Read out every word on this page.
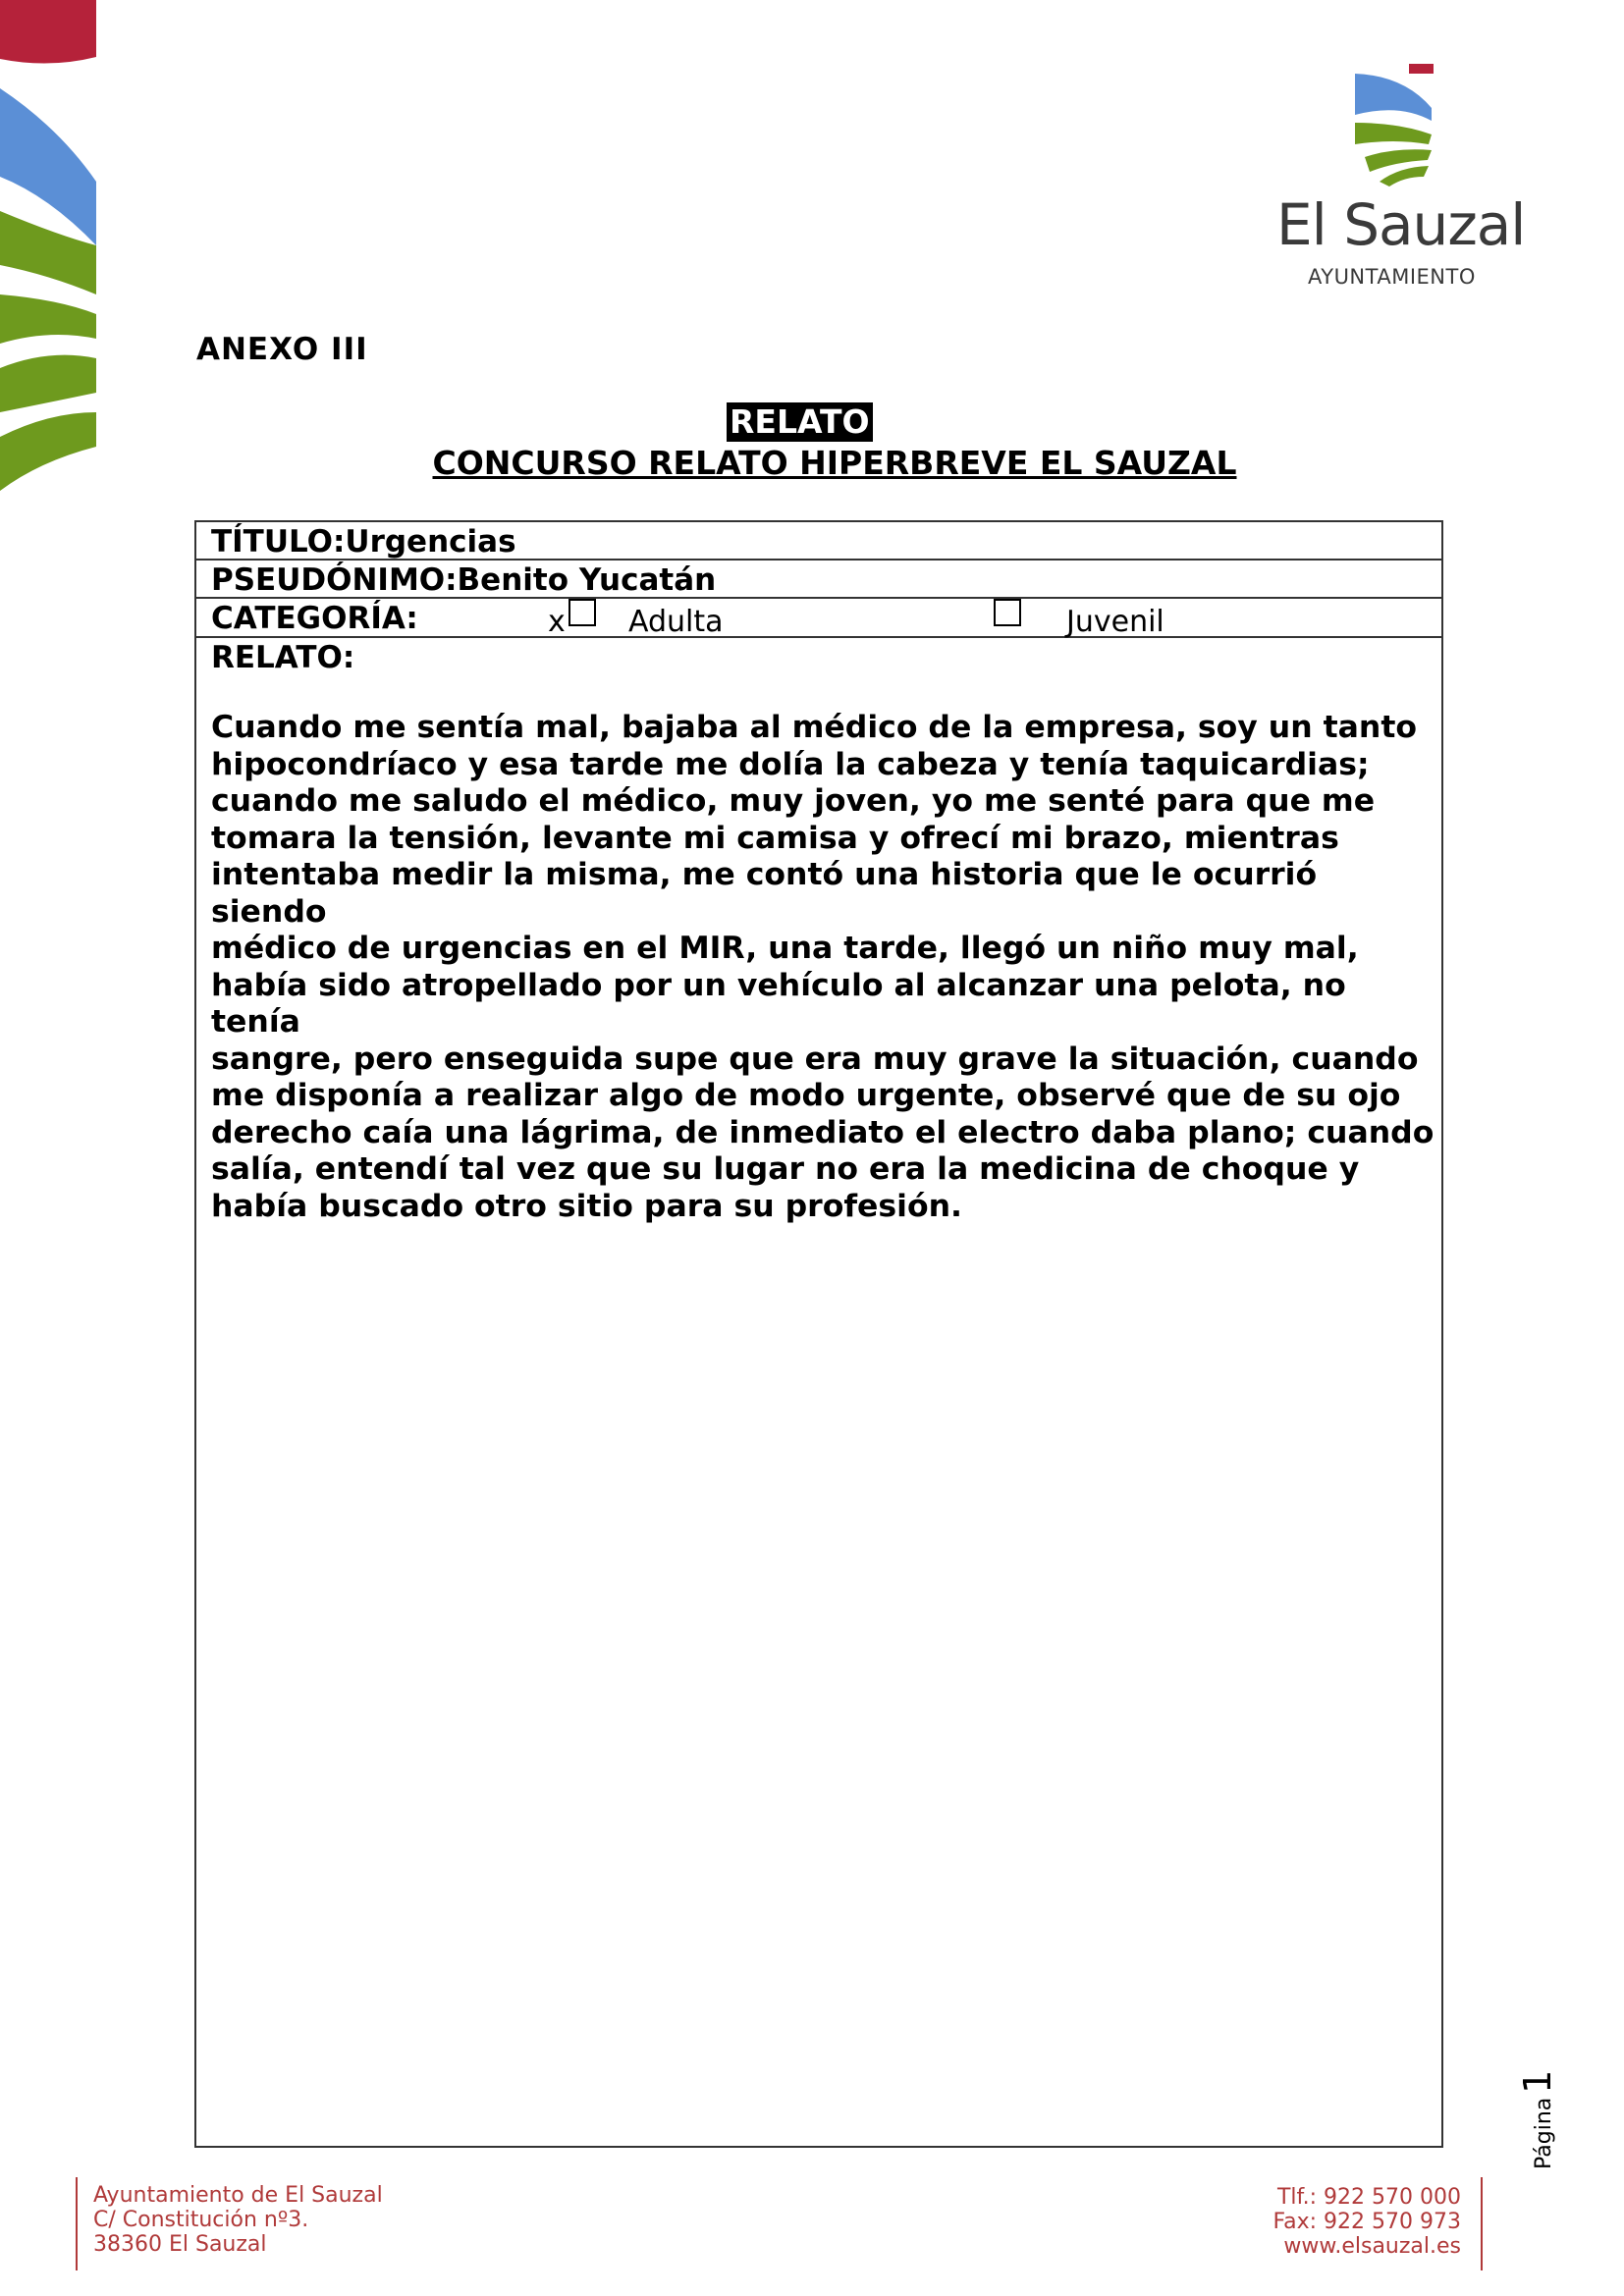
El Sauzal
AYUNTAMIENTO
ANEXO III
RELATO
CONCURSO RELATO HIPERBREVE EL SAUZAL
TÍTULO:Urgencias
PSEUDÓNIMO:Benito Yucatán
CATEGORÍA:	x Adulta	Juvenil
RELATO:
Cuando me sentía mal, bajaba al médico de la empresa, soy un tanto
hipocondríaco y esa tarde me dolía la cabeza y tenía taquicardias;
cuando me saludo el médico, muy joven, yo me senté para que me
tomara la tensión, levante mi camisa y ofrecí mi brazo, mientras
intentaba medir la misma, me contó una historia que le ocurrió siendo
médico de urgencias en el MIR, una tarde, llegó un niño muy mal,
había sido atropellado por un vehículo al alcanzar una pelota, no tenía
sangre, pero enseguida supe que era muy grave la situación, cuando
me disponía a realizar algo de modo urgente, observé que de su ojo
derecho caía una lágrima, de inmediato el electro daba plano; cuando
salía, entendí tal vez que su lugar no era la medicina de choque y
había buscado otro sitio para su profesión.
Página1
Ayuntamiento de El Sauzal
C/ Constitución nº3.
38360 El Sauzal
Tlf.: 922 570 000
Fax: 922 570 973
www.elsauzal.es
